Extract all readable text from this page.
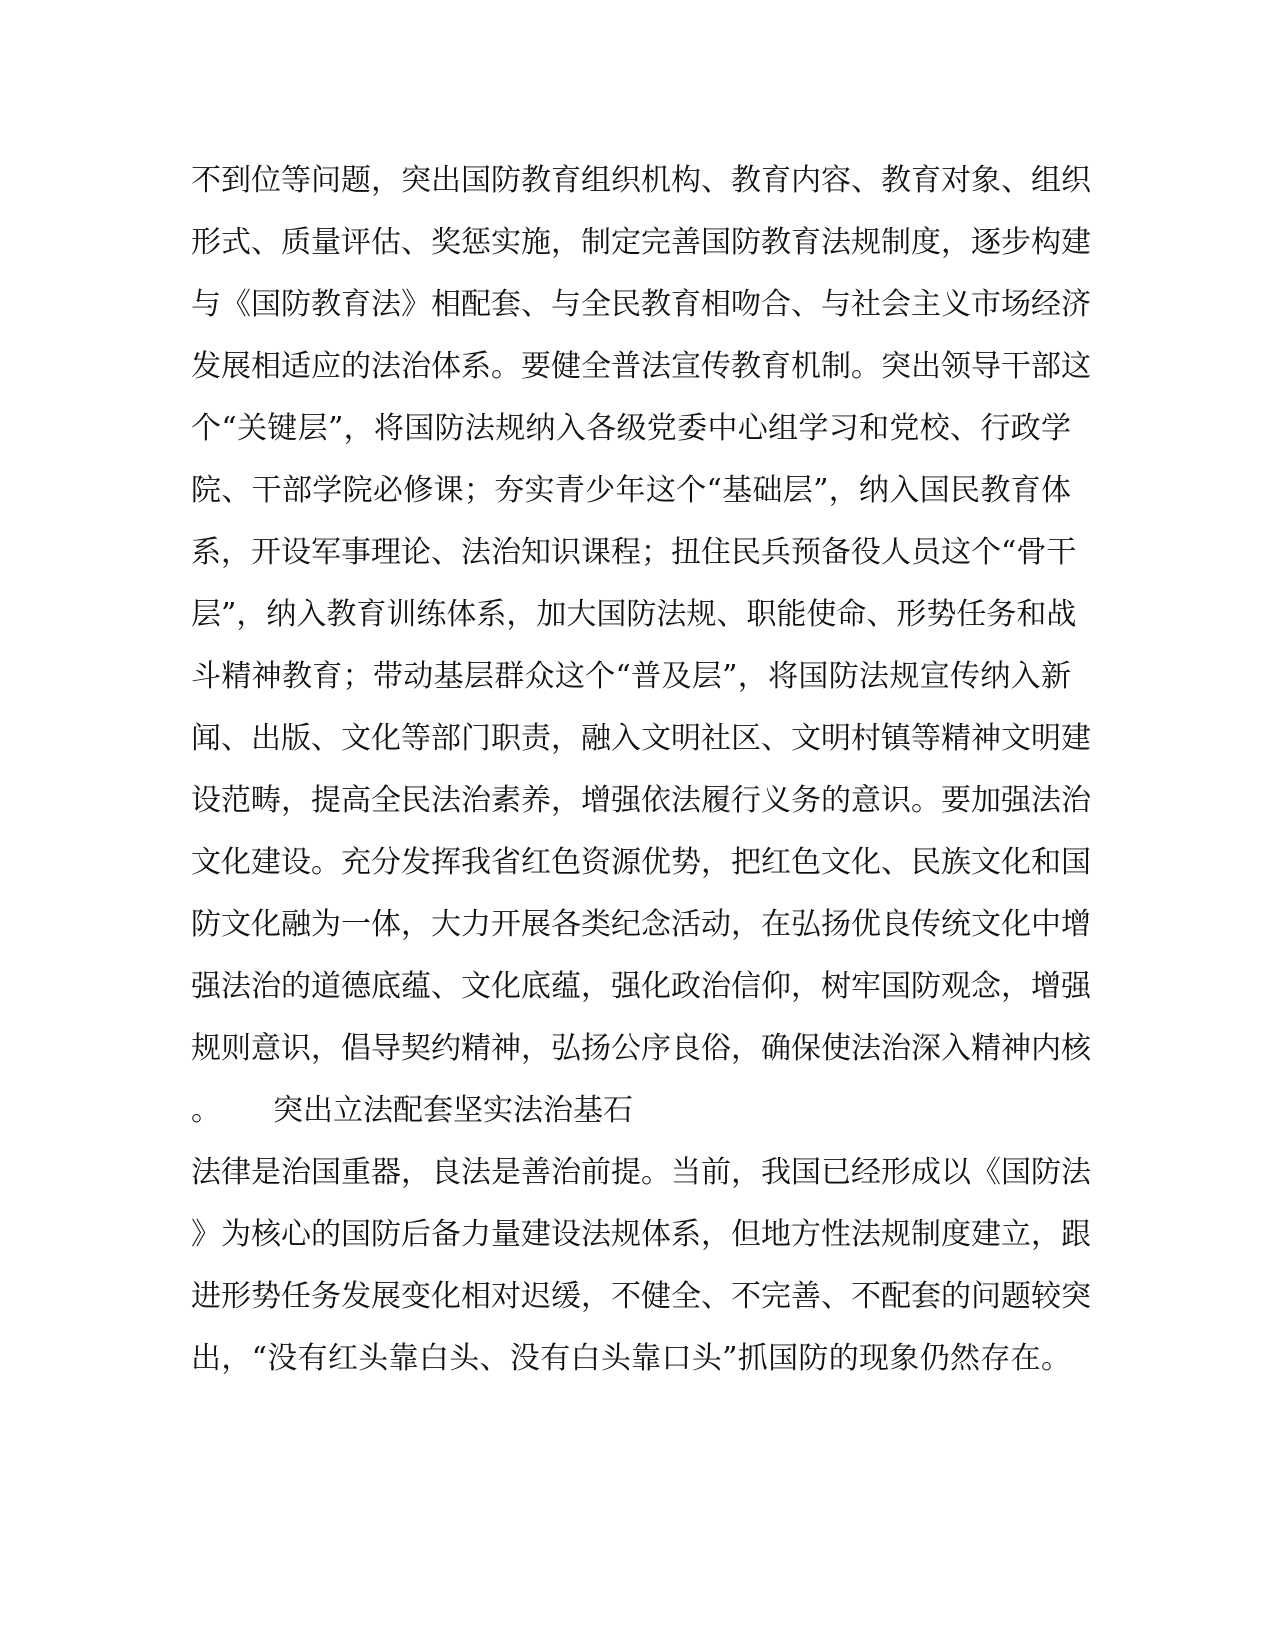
不到位等问题，突出国防教育组织机构、教育内容、教育对象、组织
形式、质量评估、奖惩实施，制定完善国防教育法规制度，逐步构建
与《国防教育法》相配套、与全民教育相吻合、与社会主义市场经济
发展相适应的法治体系。要健全普法宣传教育机制。突出领导干部这
个“关键层”，将国防法规纳入各级党委中心组学习和党校、行政学
院、干部学院必修课；夯实青少年这个“基础层”，纳入国民教育体
系，开设军事理论、法治知识课程；扭住民兵预备役人员这个“骨干
层”，纳入教育训练体系，加大国防法规、职能使命、形势任务和战
斗精神教育；带动基层群众这个“普及层”，将国防法规宣传纳入新
闻、出版、文化等部门职责，融入文明社区、文明村镇等精神文明建
设范畴，提高全民法治素养，增强依法履行义务的意识。要加强法治
文化建设。充分发挥我省红色资源优势，把红色文化、民族文化和国
防文化融为一体，大力开展各类纪念活动，在弘扬优良传统文化中增
强法治的道德底蕴、文化底蕴，强化政治信仰，树牢国防观念，增强
规则意识，倡导契约精神，弘扬公序良俗，确保使法治深入精神内核
。 突出立法配套坚实法治基石
法律是治国重器，良法是善治前提。当前，我国已经形成以《国防法
》为核心的国防后备力量建设法规体系，但地方性法规制度建立，跟
进形势任务发展变化相对迟缓，不健全、不完善、不配套的问题较突
出，“没有红头靠白头、没有白头靠口头”抓国防的现象仍然存在。
